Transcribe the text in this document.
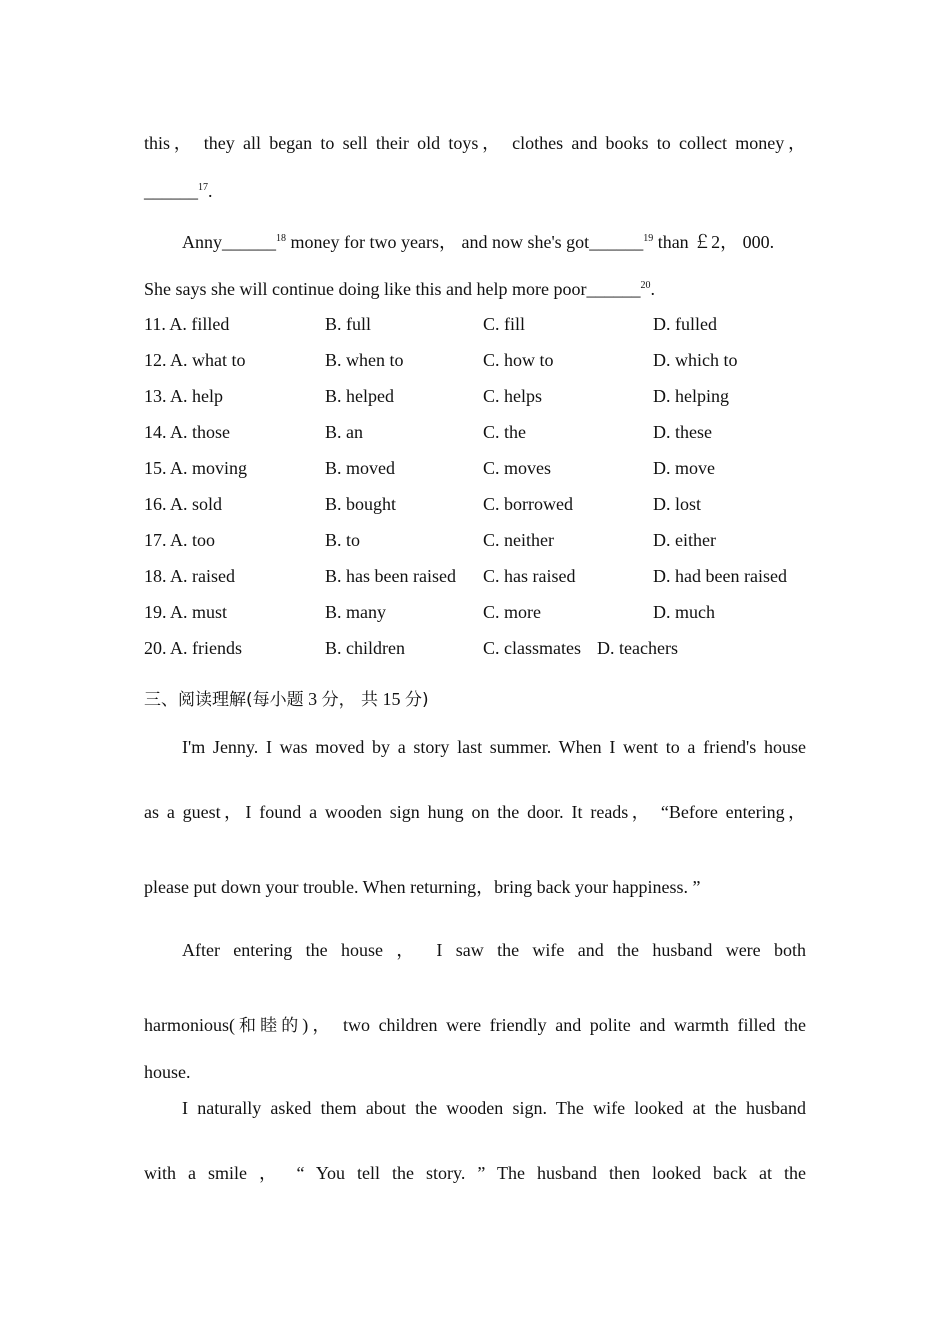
this， they all began to sell their old toys， clothes and books to collect money，
______$^{17}$.
Anny______$^{18}$ money for two years， and now she's got______$^{19}$ than ￡2， 000.
She says she will continue doing like this and help more poor______$^{20}$.
11. A. filled	B. full	C. fill	D. fulled
12. A. what to	B. when to	C. how to	D. which to
13. A. help	B. helped	C. helps	D. helping
14. A. those	B. an	C. the	D. these
15. A. moving	B. moved	C. moves	D. move
16. A. sold	B. bought	C. borrowed	D. lost
17. A. too	B. to	C. neither	D. either
18. A. raised	B. has been raised C. has raised	D. had been raised
19. A. must	B. many	C. more	D. much
20. A. friends	B. children	C. classmates D. teachers
三、阅读理解(每小题 3 分， 共 15 分)
I'm Jenny. I was moved by a story last summer. When I went to a friend's house
as a guest，I found a wooden sign hung on the door. It reads， “Before entering，
please put down your trouble. When returning，bring back your happiness. ”
After entering the house ， I saw the wife and the husband were both
harmonious(和睦的)， two children were friendly and polite and warmth filled the
house.
I naturally asked them about the wooden sign. The wife looked at the husband
with a smile ， “ You tell the story. ” The husband then looked back at the
